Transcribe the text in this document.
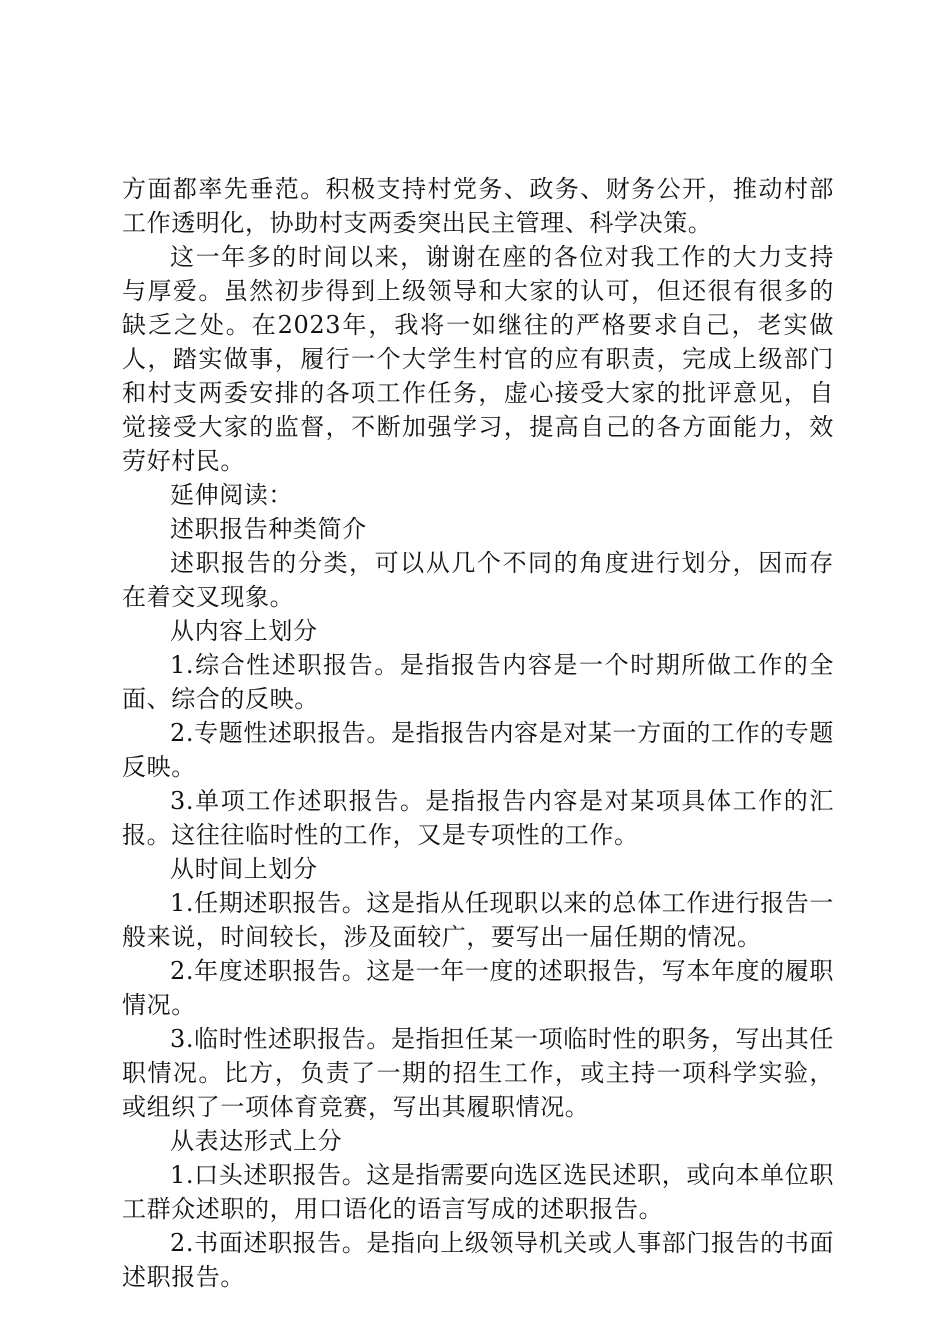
方面都率先垂范。积极支持村党务、政务、财务公开，推动村部工作透明化，协助村支两委突出民主管理、科学决策。

这一年多的时间以来，谢谢在座的各位对我工作的大力支持与厚爱。虽然初步得到上级领导和大家的认可，但还很有很多的缺乏之处。在2023年，我将一如继往的严格要求自己，老实做人，踏实做事，履行一个大学生村官的应有职责，完成上级部门和村支两委安排的各项工作任务，虚心接受大家的批评意见，自觉接受大家的监督，不断加强学习，提高自己的各方面能力，效劳好村民。

延伸阅读：

述职报告种类简介

述职报告的分类，可以从几个不同的角度进行划分，因而存在着交叉现象。

从内容上划分

1.综合性述职报告。是指报告内容是一个时期所做工作的全面、综合的反映。

2.专题性述职报告。是指报告内容是对某一方面的工作的专题反映。

3.单项工作述职报告。是指报告内容是对某项具体工作的汇报。这往往临时性的工作，又是专项性的工作。

从时间上划分

1.任期述职报告。这是指从任现职以来的总体工作进行报告一般来说，时间较长，涉及面较广，要写出一届任期的情况。

2.年度述职报告。这是一年一度的述职报告，写本年度的履职情况。

3.临时性述职报告。是指担任某一项临时性的职务，写出其任职情况。比方，负责了一期的招生工作，或主持一项科学实验，或组织了一项体育竞赛，写出其履职情况。

从表达形式上分

1.口头述职报告。这是指需要向选区选民述职，或向本单位职工群众述职的，用口语化的语言写成的述职报告。

2.书面述职报告。是指向上级领导机关或人事部门报告的书面述职报告。
